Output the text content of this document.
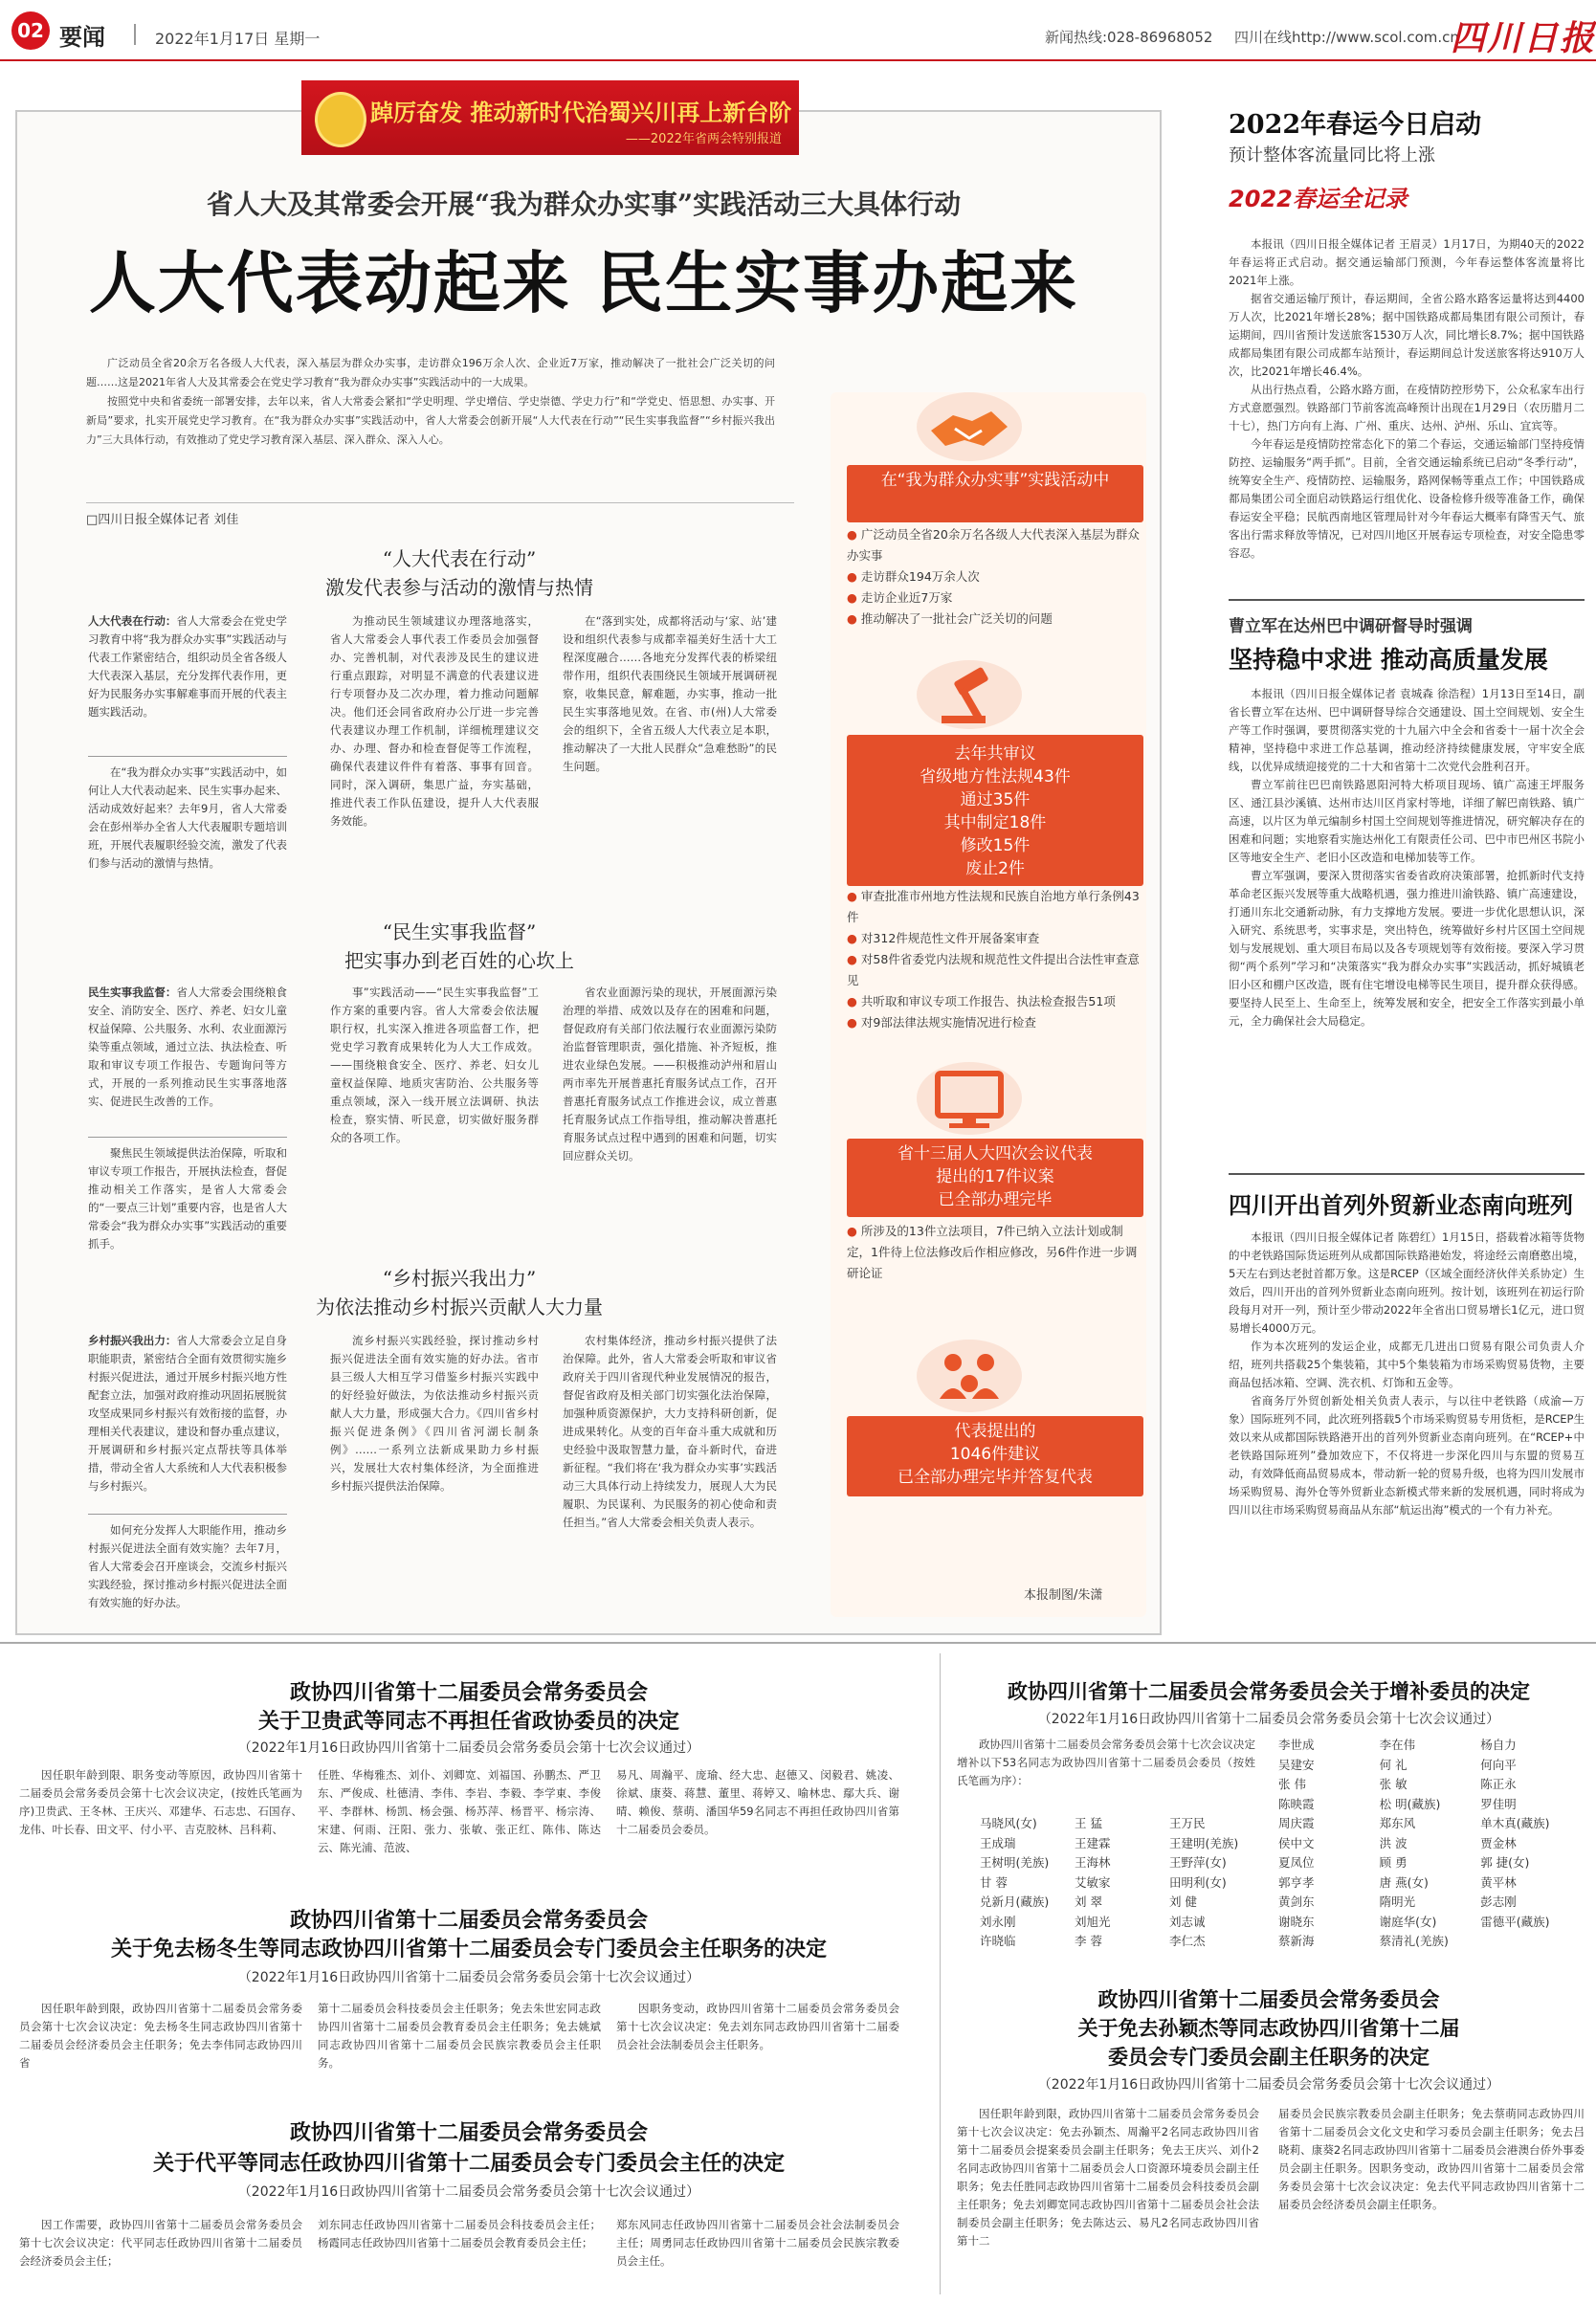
02 要闻	2022年1月17日 星期一	新闻热线:028-86968052 四川在线http://www.scol.com.cn
四川日报
踔厉奋发 推动新时代治蜀兴川再上新台阶
——2022年省两会特别报道
省人大及其常委会开展“我为群众办实事”实践活动三大具体行动
人大代表动起来 民生实事办起来

广泛动员全省20余万名各级人大代表，深入基层为群众办实事，走访群众196万余人次、企业近7万家，推动解决了一批社会广泛关切的问题……这是2021年省人大及其常委会在党史学习教育“我为群众办实事”实践活动中的一大成果。

按照党中央和省委统一部署安排，去年以来，省人大常委会紧扣“学史明理、学史增信、学史崇德、学史力行”和“学党史、悟思想、办实事、开新局”要求，扎实开展党史学习教育。在“我为群众办实事”实践活动中，省人大常委会创新开展“人大代表在行动”“民生实事我监督”“乡村振兴我出力”三大具体行动，有效推动了党史学习教育深入基层、深入群众、深入人心。

□四川日报全媒体记者 刘佳
“人大代表在行动”
激发代表参与活动的激情与热情
人大代表在行动：省人大常委会在党史学习教育中将“我为群众办实事”实践活动与代表工作紧密结合，组织动员全省各级人大代表深入基层，充分发挥代表作用，更好为民服务办实事解难事而开展的代表主题实践活动。

在“我为群众办实事”实践活动中，如何让人大代表动起来、民生实事办起来、活动成效好起来？去年9月，省人大常委会在彭州举办全省人大代表履职专题培训班，开展代表履职经验交流，激发了代表们参与活动的激情与热情。

为推动民生领域建议办理落地落实，省人大常委会人事代表工作委员会加强督办、完善机制，对代表涉及民生的建议进行重点跟踪，对明显不满意的代表建议进行专项督办及二次办理，着力推动问题解决。他们还会同省政府办公厅进一步完善代表建议办理工作机制，详细梳理建议交办、办理、督办和检查督促等工作流程，确保代表建议件件有着落、事事有回音。同时，深入调研，集思广益，夯实基础，推进代表工作队伍建设，提升人大代表服务效能。

在“落到实处，成都将活动与‘家、站’建设和组织代表参与成都幸福美好生活十大工程深度融合……各地充分发挥代表的桥梁纽带作用，组织代表围绕民生领域开展调研视察，收集民意，解难题，办实事，推动一批民生实事落地见效。在省、市(州)人大常委会的组织下，全省五级人大代表立足本职，推动解决了一大批人民群众“急难愁盼”的民生问题。

“民生实事我监督”
把实事办到老百姓的心坎上
民生实事我监督：省人大常委会围绕粮食安全、消防安全、医疗、养老、妇女儿童权益保障、公共服务、水利、农业面源污染等重点领域，通过立法、执法检查、听取和审议专项工作报告、专题询问等方式，开展的一系列推动民生实事落地落实、促进民生改善的工作。

聚焦民生领域提供法治保障，听取和审议专项工作报告，开展执法检查，督促推动相关工作落实，是省人大常委会的“一要点三计划”重要内容，也是省人大常委会“我为群众办实事”实践活动的重要抓手。

事”实践活动——“民生实事我监督”工作方案的重要内容。省人大常委会依法履职行权，扎实深入推进各项监督工作，把党史学习教育成果转化为人大工作成效。——围绕粮食安全、医疗、养老、妇女儿童权益保障、地质灾害防治、公共服务等重点领域，深入一线开展立法调研、执法检查，察实情、听民意，切实做好服务群众的各项工作。

省农业面源污染的现状，开展面源污染治理的举措、成效以及存在的困难和问题，督促政府有关部门依法履行农业面源污染防治监督管理职责，强化措施、补齐短板，推进农业绿色发展。——积极推动泸州和眉山两市率先开展普惠托育服务试点工作，召开普惠托育服务试点工作推进会议，成立普惠托育服务试点工作指导组，推动解决普惠托育服务试点过程中遇到的困难和问题，切实回应群众关切。

“乡村振兴我出力”
为依法推动乡村振兴贡献人大力量
乡村振兴我出力：省人大常委会立足自身职能职责，紧密结合全面有效贯彻实施乡村振兴促进法，通过开展乡村振兴地方性配套立法，加强对政府推动巩固拓展脱贫攻坚成果同乡村振兴有效衔接的监督，办理相关代表建议，建设和督办重点建议，开展调研和乡村振兴定点帮扶等具体举措，带动全省人大系统和人大代表积极参与乡村振兴。

如何充分发挥人大职能作用，推动乡村振兴促进法全面有效实施？去年7月，省人大常委会召开座谈会，交流乡村振兴实践经验，探讨推动乡村振兴促进法全面有效实施的好办法。

流乡村振兴实践经验，探讨推动乡村振兴促进法全面有效实施的好办法。省市县三级人大相互学习借鉴乡村振兴实践中的好经验好做法，为依法推动乡村振兴贡献人大力量，形成强大合力。《四川省乡村振兴促进条例》《四川省河湖长制条例》……一系列立法新成果助力乡村振兴，发展壮大农村集体经济，为全面推进乡村振兴提供法治保障。

农村集体经济，推动乡村振兴提供了法治保障。此外，省人大常委会听取和审议省政府关于四川省现代种业发展情况的报告，督促省政府及相关部门切实强化法治保障，加强种质资源保护，大力支持科研创新，促进成果转化。从变的百年奋斗重大成就和历史经验中汲取智慧力量，奋斗新时代，奋进新征程。“我们将在‘我为群众办实事’实践活动三大具体行动上持续发力，展现人大为民履职、为民谋利、为民服务的初心使命和责任担当。”省人大常委会相关负责人表示。

在“我为群众办实事”实践活动中
● 广泛动员全省20余万名各级人大代表深入基层为群众办实事
● 走访群众194万余人次
● 走访企业近7万家
● 推动解决了一批社会广泛关切的问题
去年共审议
省级地方性法规43件
通过35件
其中制定18件
修改15件
废止2件
● 审查批准市州地方性法规和民族自治地方单行条例43件
● 对312件规范性文件开展备案审查
● 对58件省委党内法规和规范性文件提出合法性审查意见
● 共听取和审议专项工作报告、执法检查报告51项
● 对9部法律法规实施情况进行检查
省十三届人大四次会议代表
提出的17件议案
已全部办理完毕
● 所涉及的13件立法项目，7件已纳入立法计划或制定，1件待上位法修改后作相应修改，另6件作进一步调研论证
代表提出的
1046件建议
已全部办理完毕并答复代表
本报制图/朱潇
2022年春运今日启动
预计整体客流量同比将上涨
2022春运全记录

本报讯（四川日报全媒体记者 王眉灵）1月17日，为期40天的2022年春运将正式启动。据交通运输部门预测，今年春运整体客流量将比2021年上涨。

据省交通运输厅预计，春运期间，全省公路水路客运量将达到4400万人次，比2021年增长28%；据中国铁路成都局集团有限公司预计，春运期间，四川省预计发送旅客1530万人次，同比增长8.7%；据中国铁路成都局集团有限公司成都车站预计，春运期间总计发送旅客将达910万人次，比2021年增长46.4%。

从出行热点看，公路水路方面，在疫情防控形势下，公众私家车出行方式意愿强烈。铁路部门节前客流高峰预计出现在1月29日（农历腊月二十七），热门方向有上海、广州、重庆、达州、泸州、乐山、宜宾等。

今年春运是疫情防控常态化下的第二个春运，交通运输部门坚持疫情防控、运输服务“两手抓”。目前，全省交通运输系统已启动“冬季行动”，统筹安全生产、疫情防控、运输服务，路网保畅等重点工作；中国铁路成都局集团公司全面启动铁路运行组优化、设备检修升级等准备工作，确保春运安全平稳；民航西南地区管理局针对今年春运大概率有降雪天气、旅客出行需求释放等情况，已对四川地区开展春运专项检查，对安全隐患零容忍。

曹立军在达州巴中调研督导时强调
坚持稳中求进 推动高质量发展

本报讯（四川日报全媒体记者 袁城森 徐浩程）1月13日至14日，副省长曹立军在达州、巴中调研督导综合交通建设、国土空间规划、安全生产等工作时强调，要贯彻落实党的十九届六中全会和省委十一届十次全会精神，坚持稳中求进工作总基调，推动经济持续健康发展，守牢安全底线，以优异成绩迎接党的二十大和省第十二次党代会胜利召开。

曹立军前往巴巴南铁路恩阳河特大桥项目现场、镇广高速王坪服务区、通江县沙溪镇、达州市达川区肖家村等地，详细了解巴南铁路、镇广高速，以片区为单元编制乡村国土空间规划等推进情况，研究解决存在的困难和问题；实地察看实施达州化工有限责任公司、巴中市巴州区书院小区等地安全生产、老旧小区改造和电梯加装等工作。

曹立军强调，要深入贯彻落实省委省政府决策部署，抢抓新时代支持革命老区振兴发展等重大战略机遇，强力推进川渝铁路、镇广高速建设，打通川东北交通新动脉，有力支撑地方发展。要进一步优化思想认识，深入研究、系统思考，实事求是，突出特色，统筹做好乡村片区国土空间规划与发展规划、重大项目布局以及各专项规划等有效衔接。要深入学习贯彻“两个系列”学习和“决策落实“我为群众办实事”实践活动，抓好城镇老旧小区和棚户区改造，既有住宅增设电梯等民生项目，提升群众获得感。要坚持人民至上、生命至上，统筹发展和安全，把安全工作落实到最小单元，全力确保社会大局稳定。

四川开出首列外贸新业态南向班列

本报讯（四川日报全媒体记者 陈碧红）1月15日，搭载着冰箱等货物的中老铁路国际货运班列从成都国际铁路港始发，将途经云南磨憨出境，5天左右到达老挝首都万象。这是RCEP（区域全面经济伙伴关系协定）生效后，四川开出的首列外贸新业态南向班列。按计划，该班列在初运行阶段每月对开一列，预计至少带动2022年全省出口贸易增长1亿元，进口贸易增长4000万元。

作为本次班列的发运企业，成都无几进出口贸易有限公司负责人介绍，班列共搭载25个集装箱，其中5个集装箱为市场采购贸易货物，主要商品包括冰箱、空调、洗衣机、灯饰和五金等。

省商务厅外贸创新处相关负责人表示，与以往中老铁路（成渝—万象）国际班列不同，此次班列搭载5个市场采购贸易专用货柜，是RCEP生效以来从成都国际铁路港开出的首列外贸新业态南向班列。在“RCEP+中老铁路国际班列”叠加效应下，不仅将进一步深化四川与东盟的贸易互动，有效降低商品贸易成本，带动新一轮的贸易升级，也将为四川发展市场采购贸易、海外仓等外贸新业态新模式带来新的发展机遇，同时将成为四川以往市场采购贸易商品从东部“航运出海”模式的一个有力补充。

政协四川省第十二届委员会常务委员会
关于卫贵武等同志不再担任省政协委员的决定
（2022年1月16日政协四川省第十二届委员会常务委员会第十七次会议通过）

因任职年龄到限、职务变动等原因，政协四川省第十二届委员会常务委员会第十七次会议决定，(按姓氏笔画为序)卫贵武、王冬林、王庆兴、邓建华、石志忠、石国存、龙伟、叶长春、田文平、付小平、吉克胶林、吕科莉、

任胜、华梅雅杰、刘仆、刘卿宽、刘福国、孙鹏杰、严卫东、严俊成、杜德清、李伟、李岩、李毅、李学東、李俊平、李群林、杨凯、杨会强、杨苏萍、杨晋平、杨宗涛、宋建、何雨、汪阳、张力、张敏、张正红、陈伟、陈达云、陈光浦、范波、

易凡、周瀚平、庞瑜、经大忠、赵德又、闵毅君、姚凌、徐斌、康葵、蒋慧、董里、蒋婷又、喻林忠、鄢大兵、谢晴、赖俊、蔡萌、潘国华59名同志不再担任政协四川省第十二届委员会委员。

政协四川省第十二届委员会常务委员会
关于免去杨冬生等同志政协四川省第十二届委员会专门委员会主任职务的决定
（2022年1月16日政协四川省第十二届委员会常务委员会第十七次会议通过）

因任职年龄到限，政协四川省第十二届委员会常务委员会第十七次会议决定：免去杨冬生同志政协四川省第十二届委员会经济委员会主任职务；免去李伟同志政协四川省

第十二届委员会科技委员会主任职务；免去朱世宏同志政协四川省第十二届委员会教育委员会主任职务；免去姚斌同志政协四川省第十二届委员会民族宗教委员会主任职务。

因职务变动，政协四川省第十二届委员会常务委员会第十七次会议决定：免去刘东同志政协四川省第十二届委员会社会法制委员会主任职务。

政协四川省第十二届委员会常务委员会
关于代平等同志任政协四川省第十二届委员会专门委员会主任的决定
（2022年1月16日政协四川省第十二届委员会常务委员会第十七次会议通过）

因工作需要，政协四川省第十二届委员会常务委员会第十七次会议决定：代平同志任政协四川省第十二届委员会经济委员会主任；

刘东同志任政协四川省第十二届委员会科技委员会主任；杨霞同志任政协四川省第十二届委员会教育委员会主任；

郑东风同志任政协四川省第十二届委员会社会法制委员会主任；周勇同志任政协四川省第十二届委员会民族宗教委员会主任。

政协四川省第十二届委员会常务委员会关于增补委员的决定
（2022年1月16日政协四川省第十二届委员会常务委员会第十七次会议通过）

政协四川省第十二届委员会常务委员会第十七次会议决定增补以下53名同志为政协四川省第十二届委员会委员（按姓氏笔画为序）：

马晓风(女)	王 猛	王万民
王成瑞	王建霖	王建明(羌族)
王树明(羌族)	王海林	王野萍(女)
甘 蓉	艾敏家	田明利(女)
兑新月(藏族)	刘 翠	刘 健
刘永刚	刘旭光	刘志诚
许晓临	李 蓉	李仁杰
李世成	李在伟	杨自力
吴建安	何 礼	何向平
张 伟	张 敏	陈正永
陈映霞	松 明(藏族)	罗佳明
周庆霞	郑东风	单木真(藏族)
侯中文	洪 波	贾金林
夏凤位	顾 勇	郭 捷(女)
郭亨孝	唐 燕(女)	黄平林
黄剑东	隋明光	彭志刚
谢晓东	谢庭华(女)	雷德平(藏族)
蔡新海	蔡清礼(羌族)
政协四川省第十二届委员会常务委员会
关于免去孙颖杰等同志政协四川省第十二届
委员会专门委员会副主任职务的决定
（2022年1月16日政协四川省第十二届委员会常务委员会第十七次会议通过）

因任职年龄到限，政协四川省第十二届委员会常务委员会第十七次会议决定：免去孙颖杰、周瀚平2名同志政协四川省第十二届委员会提案委员会副主任职务；免去王庆兴、刘仆2名同志政协四川省第十二届委员会人口资源环境委员会副主任职务；免去任胜同志政协四川省第十二届委员会科技委员会副主任职务；免去刘卿宽同志政协四川省第十二届委员会社会法制委员会副主任职务；免去陈达云、易凡2名同志政协四川省第十二

届委员会民族宗教委员会副主任职务；免去蔡萌同志政协四川省第十二届委员会文化文史和学习委员会副主任职务；免去吕晓莉、康葵2名同志政协四川省第十二届委员会港澳台侨外事委员会副主任职务。因职务变动，政协四川省第十二届委员会常务委员会第十七次会议决定：免去代平同志政协四川省第十二届委员会经济委员会副主任职务。
